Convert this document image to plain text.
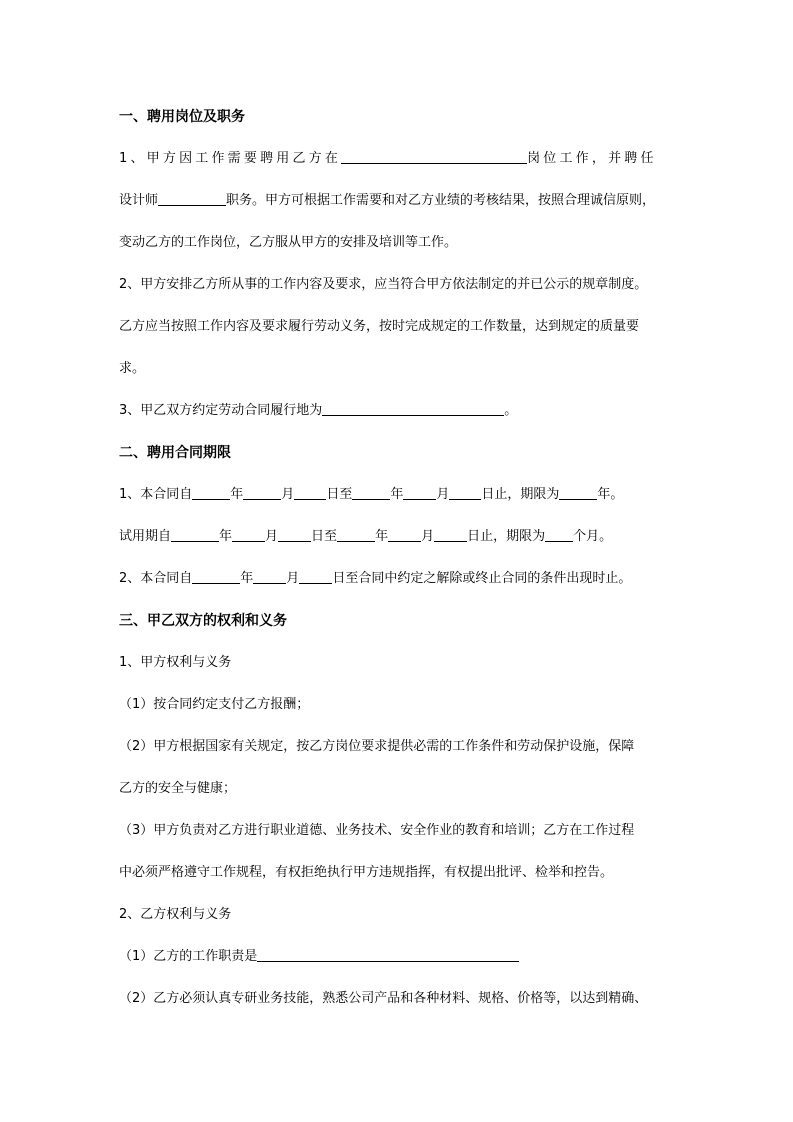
一、聘用岗位及职务
1、甲方因工作需要聘用乙方在	岗位工作，并聘任
设计师	职务。甲方可根据工作需要和对乙方业绩的考核结果，按照合理诚信原则，
变动乙方的工作岗位，乙方服从甲方的安排及培训等工作。
2、甲方安排乙方所从事的工作内容及要求，应当符合甲方依法制定的并已公示的规章制度。
乙方应当按照工作内容及要求履行劳动义务，按时完成规定的工作数量，达到规定的质量要
求。
3、甲乙双方约定劳动合同履行地为	。
二、聘用合同期限
1、本合同自	年	月 日至	年	月 日止，期限为	年。
试用期自	年	月	日至	年	月	日止，期限为 个月。
2、本合同自	年	月	日至合同中约定之解除或终止合同的条件出现时止。
三、甲乙双方的权利和义务
1、甲方权利与义务
（1）按合同约定支付乙方报酬；
（2）甲方根据国家有关规定，按乙方岗位要求提供必需的工作条件和劳动保护设施，保障
乙方的安全与健康；
（3）甲方负责对乙方进行职业道德、业务技术、安全作业的教育和培训；乙方在工作过程
中必须严格遵守工作规程，有权拒绝执行甲方违规指挥，有权提出批评、检举和控告。
2、乙方权利与义务
（1）乙方的工作职责是
（2）乙方必须认真专研业务技能，熟悉公司产品和各种材料、规格、价格等，以达到精确、
